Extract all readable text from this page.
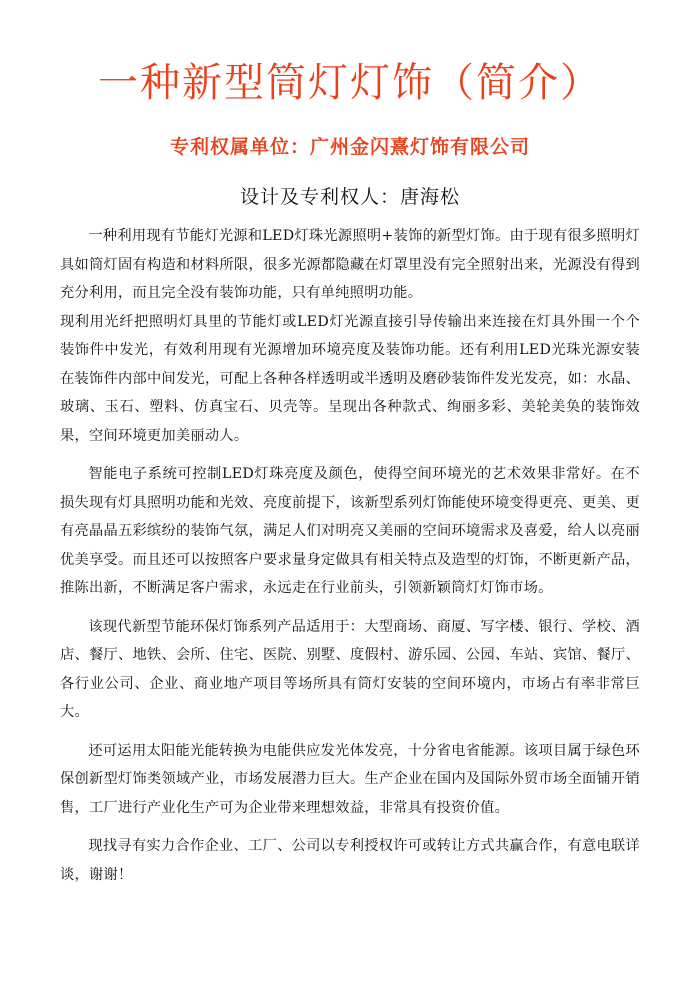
一种新型筒灯灯饰（简介）
专利权属单位：广州金闪熹灯饰有限公司
设计及专利权人：唐海松

一种利用现有节能灯光源和LED灯珠光源照明+装饰的新型灯饰。由于现有很多照明灯具如筒灯固有构造和材料所限，很多光源都隐藏在灯罩里没有完全照射出来，光源没有得到充分利用，而且完全没有装饰功能，只有单纯照明功能。

现利用光纤把照明灯具里的节能灯或LED灯光源直接引导传输出来连接在灯具外围一个个装饰件中发光，有效利用现有光源增加环境亮度及装饰功能。还有利用LED光珠光源安装在装饰件内部中间发光，可配上各种各样透明或半透明及磨砂装饰件发光发亮，如：水晶、玻璃、玉石、塑料、仿真宝石、贝壳等。呈现出各种款式、绚丽多彩、美轮美奂的装饰效果，空间环境更加美丽动人。

智能电子系统可控制LED灯珠亮度及颜色，使得空间环境光的艺术效果非常好。在不损失现有灯具照明功能和光效、亮度前提下，该新型系列灯饰能使环境变得更亮、更美、更有亮晶晶五彩缤纷的装饰气氛，满足人们对明亮又美丽的空间环境需求及喜爱，给人以亮丽优美享受。而且还可以按照客户要求量身定做具有相关特点及造型的灯饰，不断更新产品，推陈出新，不断满足客户需求，永远走在行业前头，引领新颖筒灯灯饰市场。

该现代新型节能环保灯饰系列产品适用于：大型商场、商厦、写字楼、银行、学校、酒店、餐厅、地铁、会所、住宅、医院、别墅、度假村、游乐园、公园、车站、宾馆、餐厅、各行业公司、企业、商业地产项目等场所具有筒灯安装的空间环境内，市场占有率非常巨大。

还可运用太阳能光能转换为电能供应发光体发亮，十分省电省能源。该项目属于绿色环保创新型灯饰类领域产业，市场发展潜力巨大。生产企业在国内及国际外贸市场全面铺开销售，工厂进行产业化生产可为企业带来理想效益，非常具有投资价值。

现找寻有实力合作企业、工厂、公司以专利授权许可或转让方式共赢合作，有意电联详谈，谢谢！
